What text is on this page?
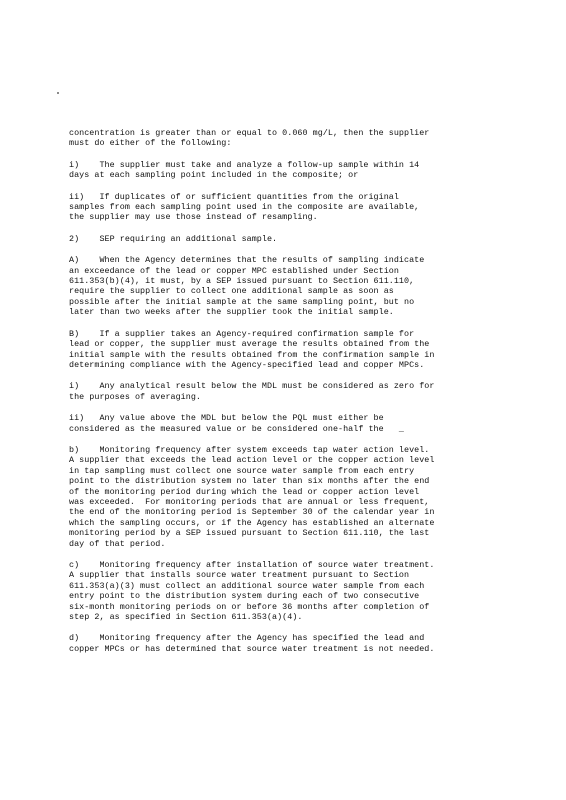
concentration is greater than or equal to 0.060 mg/L, then the supplier
must do either of the following:
i)    The supplier must take and analyze a follow-up sample within 14
days at each sampling point included in the composite; or
ii)   If duplicates of or sufficient quantities from the original
samples from each sampling point used in the composite are available,
the supplier may use those instead of resampling.
2)    SEP requiring an additional sample.
A)    When the Agency determines that the results of sampling indicate
an exceedance of the lead or copper MPC established under Section
611.353(b)(4), it must, by a SEP issued pursuant to Section 611.110,
require the supplier to collect one additional sample as soon as
possible after the initial sample at the same sampling point, but no
later than two weeks after the supplier took the initial sample.
B)    If a supplier takes an Agency-required confirmation sample for
lead or copper, the supplier must average the results obtained from the
initial sample with the results obtained from the confirmation sample in
determining compliance with the Agency-specified lead and copper MPCs.
i)    Any analytical result below the MDL must be considered as zero for
the purposes of averaging.
ii)   Any value above the MDL but below the PQL must either be
considered as the measured value or be considered one-half the   _
b)    Monitoring frequency after system exceeds tap water action level.
A supplier that exceeds the lead action level or the copper action level
in tap sampling must collect one source water sample from each entry
point to the distribution system no later than six months after the end
of the monitoring period during which the lead or copper action level
was exceeded.  For monitoring periods that are annual or less frequent,
the end of the monitoring period is September 30 of the calendar year in
which the sampling occurs, or if the Agency has established an alternate
monitoring period by a SEP issued pursuant to Section 611.110, the last
day of that period.
c)    Monitoring frequency after installation of source water treatment.
A supplier that installs source water treatment pursuant to Section
611.353(a)(3) must collect an additional source water sample from each
entry point to the distribution system during each of two consecutive
six-month monitoring periods on or before 36 months after completion of
step 2, as specified in Section 611.353(a)(4).
d)    Monitoring frequency after the Agency has specified the lead and
copper MPCs or has determined that source water treatment is not needed.
